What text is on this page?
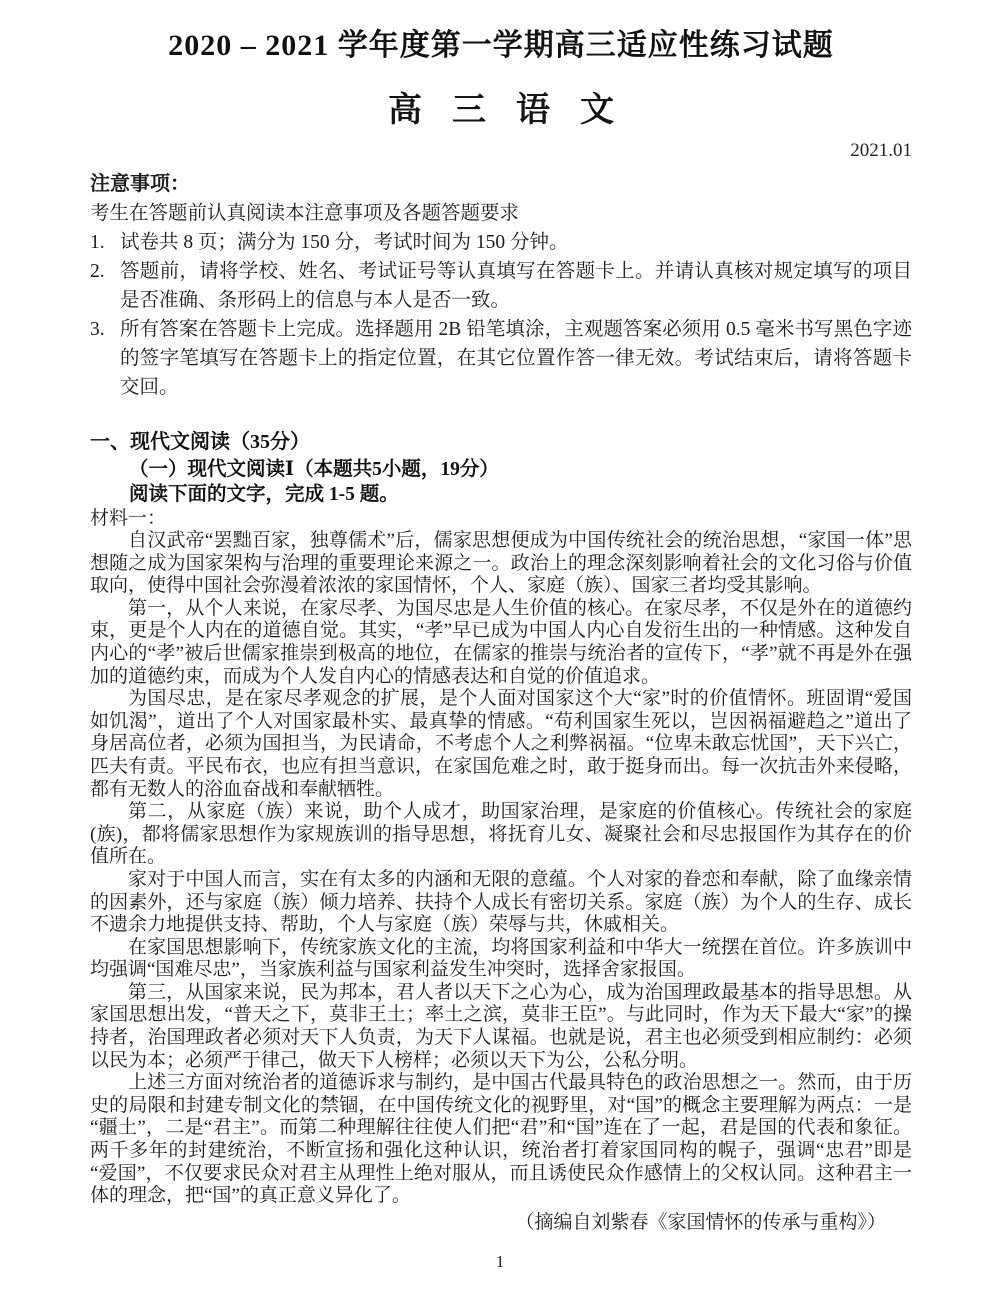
2020 – 2021 学年度第一学期高三适应性练习试题
高三语文
2021.01
注意事项：
考生在答题前认真阅读本注意事项及各题答题要求
1. 试卷共 8 页；满分为 150 分，考试时间为 150 分钟。
2. 答题前，请将学校、姓名、考试证号等认真填写在答题卡上。并请认真核对规定填写的项目是否准确、条形码上的信息与本人是否一致。
3. 所有答案在答题卡上完成。选择题用 2B 铅笔填涂，主观题答案必须用 0.5 毫米书写黑色字迹的签字笔填写在答题卡上的指定位置，在其它位置作答一律无效。考试结束后，请将答题卡交回。
一、现代文阅读（35分）
（一）现代文阅读Ⅰ（本题共5小题，19分）
阅读下面的文字，完成 1-5 题。
材料一：

自汉武帝“罢黜百家，独尊儒术”后，儒家思想便成为中国传统社会的统治思想，“家国一体”思想随之成为国家架构与治理的重要理论来源之一。政治上的理念深刻影响着社会的文化习俗与价值取向，使得中国社会弥漫着浓浓的家国情怀，个人、家庭（族）、国家三者均受其影响。

第一，从个人来说，在家尽孝、为国尽忠是人生价值的核心。在家尽孝，不仅是外在的道德约束，更是个人内在的道德自觉。其实，“孝”早已成为中国人内心自发衍生出的一种情感。这种发自内心的“孝”被后世儒家推崇到极高的地位，在儒家的推崇与统治者的宣传下，“孝”就不再是外在强加的道德约束，而成为个人发自内心的情感表达和自觉的价值追求。

为国尽忠，是在家尽孝观念的扩展，是个人面对国家这个大“家”时的价值情怀。班固谓“爱国如饥渴”，道出了个人对国家最朴实、最真挚的情感。“苟利国家生死以，岂因祸福避趋之”道出了身居高位者，必须为国担当，为民请命，不考虑个人之利弊祸福。“位卑未敢忘忧国”，天下兴亡，匹夫有责。平民布衣，也应有担当意识，在家国危难之时，敢于挺身而出。每一次抗击外来侵略，都有无数人的浴血奋战和奉献牺牲。

第二，从家庭（族）来说，助个人成才，助国家治理，是家庭的价值核心。传统社会的家庭(族)，都将儒家思想作为家规族训的指导思想，将抚育儿女、凝聚社会和尽忠报国作为其存在的价值所在。

家对于中国人而言，实在有太多的内涵和无限的意蕴。个人对家的眷恋和奉献，除了血缘亲情的因素外，还与家庭（族）倾力培养、扶持个人成长有密切关系。家庭（族）为个人的生存、成长不遗余力地提供支持、帮助，个人与家庭（族）荣辱与共，休戚相关。

在家国思想影响下，传统家族文化的主流，均将国家利益和中华大一统摆在首位。许多族训中均强调“国难尽忠”，当家族利益与国家利益发生冲突时，选择舍家报国。

第三，从国家来说，民为邦本，君人者以天下之心为心，成为治国理政最基本的指导思想。从家国思想出发，“普天之下，莫非王土；率土之滨，莫非王臣”。与此同时，作为天下最大“家”的操持者，治国理政者必须对天下人负责，为天下人谋福。也就是说，君主也必须受到相应制约：必须以民为本；必须严于律己，做天下人榜样；必须以天下为公，公私分明。

上述三方面对统治者的道德诉求与制约，是中国古代最具特色的政治思想之一。然而，由于历史的局限和封建专制文化的禁锢，在中国传统文化的视野里，对“国”的概念主要理解为两点：一是“疆土”，二是“君主”。而第二种理解往往使人们把“君”和“国”连在了一起，君是国的代表和象征。两千多年的封建统治，不断宣扬和强化这种认识，统治者打着家国同构的幌子，强调“忠君”即是“爱国”，不仅要求民众对君主从理性上绝对服从，而且诱使民众作感情上的父权认同。这种君主一体的理念，把“国”的真正意义异化了。

（摘编自刘紫春《家国情怀的传承与重构》）
1
